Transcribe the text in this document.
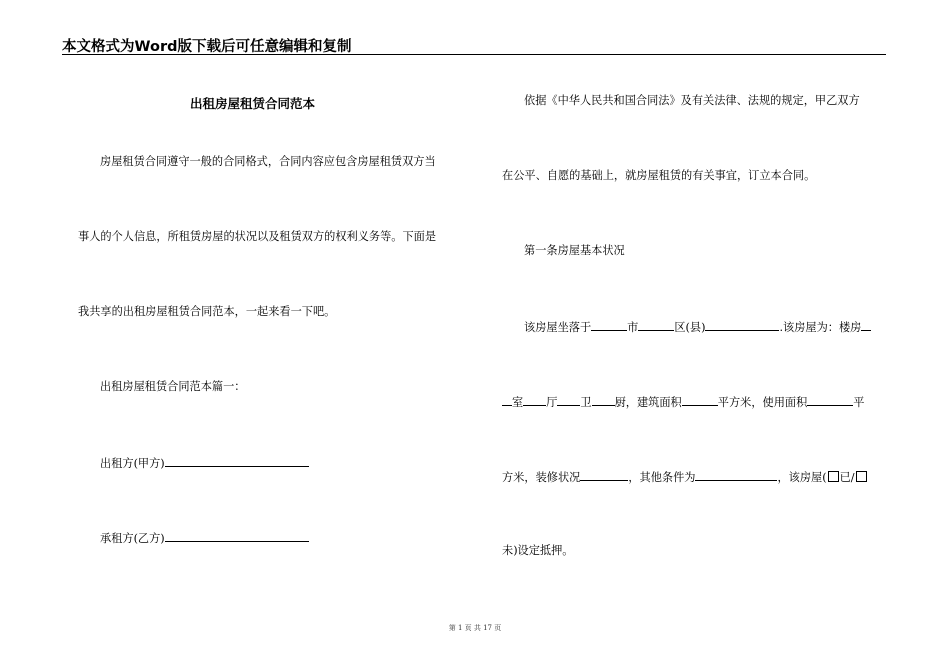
本文格式为Word版下载后可任意编辑和复制
出租房屋租赁合同范本
房屋租赁合同遵守一般的合同格式，合同内容应包含房屋租赁双方当
事人的个人信息，所租赁房屋的状况以及租赁双方的权利义务等。下面是
我共享的出租房屋租赁合同范本，一起来看一下吧。
出租房屋租赁合同范本篇一：
出租方(甲方)
承租方(乙方)
依据《中华人民共和国合同法》及有关法律、法规的规定，甲乙双方
在公平、自愿的基础上，就房屋租赁的有关事宜，订立本合同。
第一条房屋基本状况
该房屋坐落于	市	区(县)	.该房屋为：楼房
室 厅 卫 厨，建筑面积	平方米，使用面积	平
方米，装修状况	，其他条件为	，该房屋( 已/
未)设定抵押。
第 1 页 共 17 页
